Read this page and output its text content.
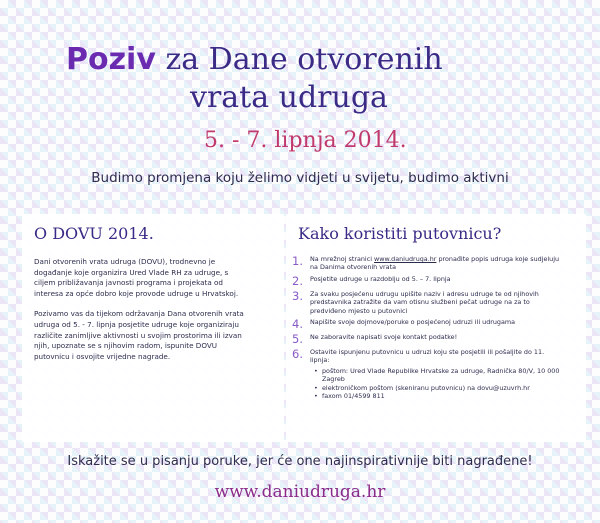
Poziv za Dane otvorenih
vrata udruga
5. - 7. lipnja 2014.
Budimo promjena koju želimo vidjeti u svijetu, budimo aktivni
O DOVU 2014.

Dani otvorenih vrata udruga (DOVU), trodnevno je događanje koje organizira Ured Vlade RH za udruge, s ciljem približavanja javnosti programa i projekata od interesa za opće dobro koje provode udruge u Hrvatskoj.

Pozivamo vas da tijekom održavanja Dana otvorenih vrata udruga od 5. - 7. lipnja posjetite udruge koje organiziraju različite zanimljive aktivnosti u svojim prostorima ili izvan njih, upoznate se s njihovim radom, ispunite DOVU putovnicu i osvojite vrijedne nagrade.

Kako koristiti putovnicu?
1.	Na mrežnoj stranici www.daniudruga.hr pronađite popis udruga koje sudjeluju na Danima otvorenih vrata
2.	Posjetite udruge u razdoblju od 5. – 7. lipnja
3.	Za svaku posjećenu udrugu upišite naziv i adresu udruge te od njihovih predstavnika zatražite da vam otisnu službeni pečat udruge na za to predviđeno mjesto u putovnici
4.	Napišite svoje dojmove/poruke o posjećenoj udruzi ili udrugama
5.	Ne zaboravite napisati svoje kontakt podatke!
6.	Ostavite ispunjenu putovnicu u udruzi koju ste posjetili ili pošaljite do 11. lipnja:
• poštom: Ured Vlade Republike Hrvatske za udruge, Radnička 80/V, 10 000 Zagreb
• elektroničkom poštom (skeniranu putovnicu) na dovu@uzuvrh.hr
• faxom 01/4599 811
Iskažite se u pisanju poruke, jer će one najinspirativnije biti nagrađene!
www.daniudruga.hr
